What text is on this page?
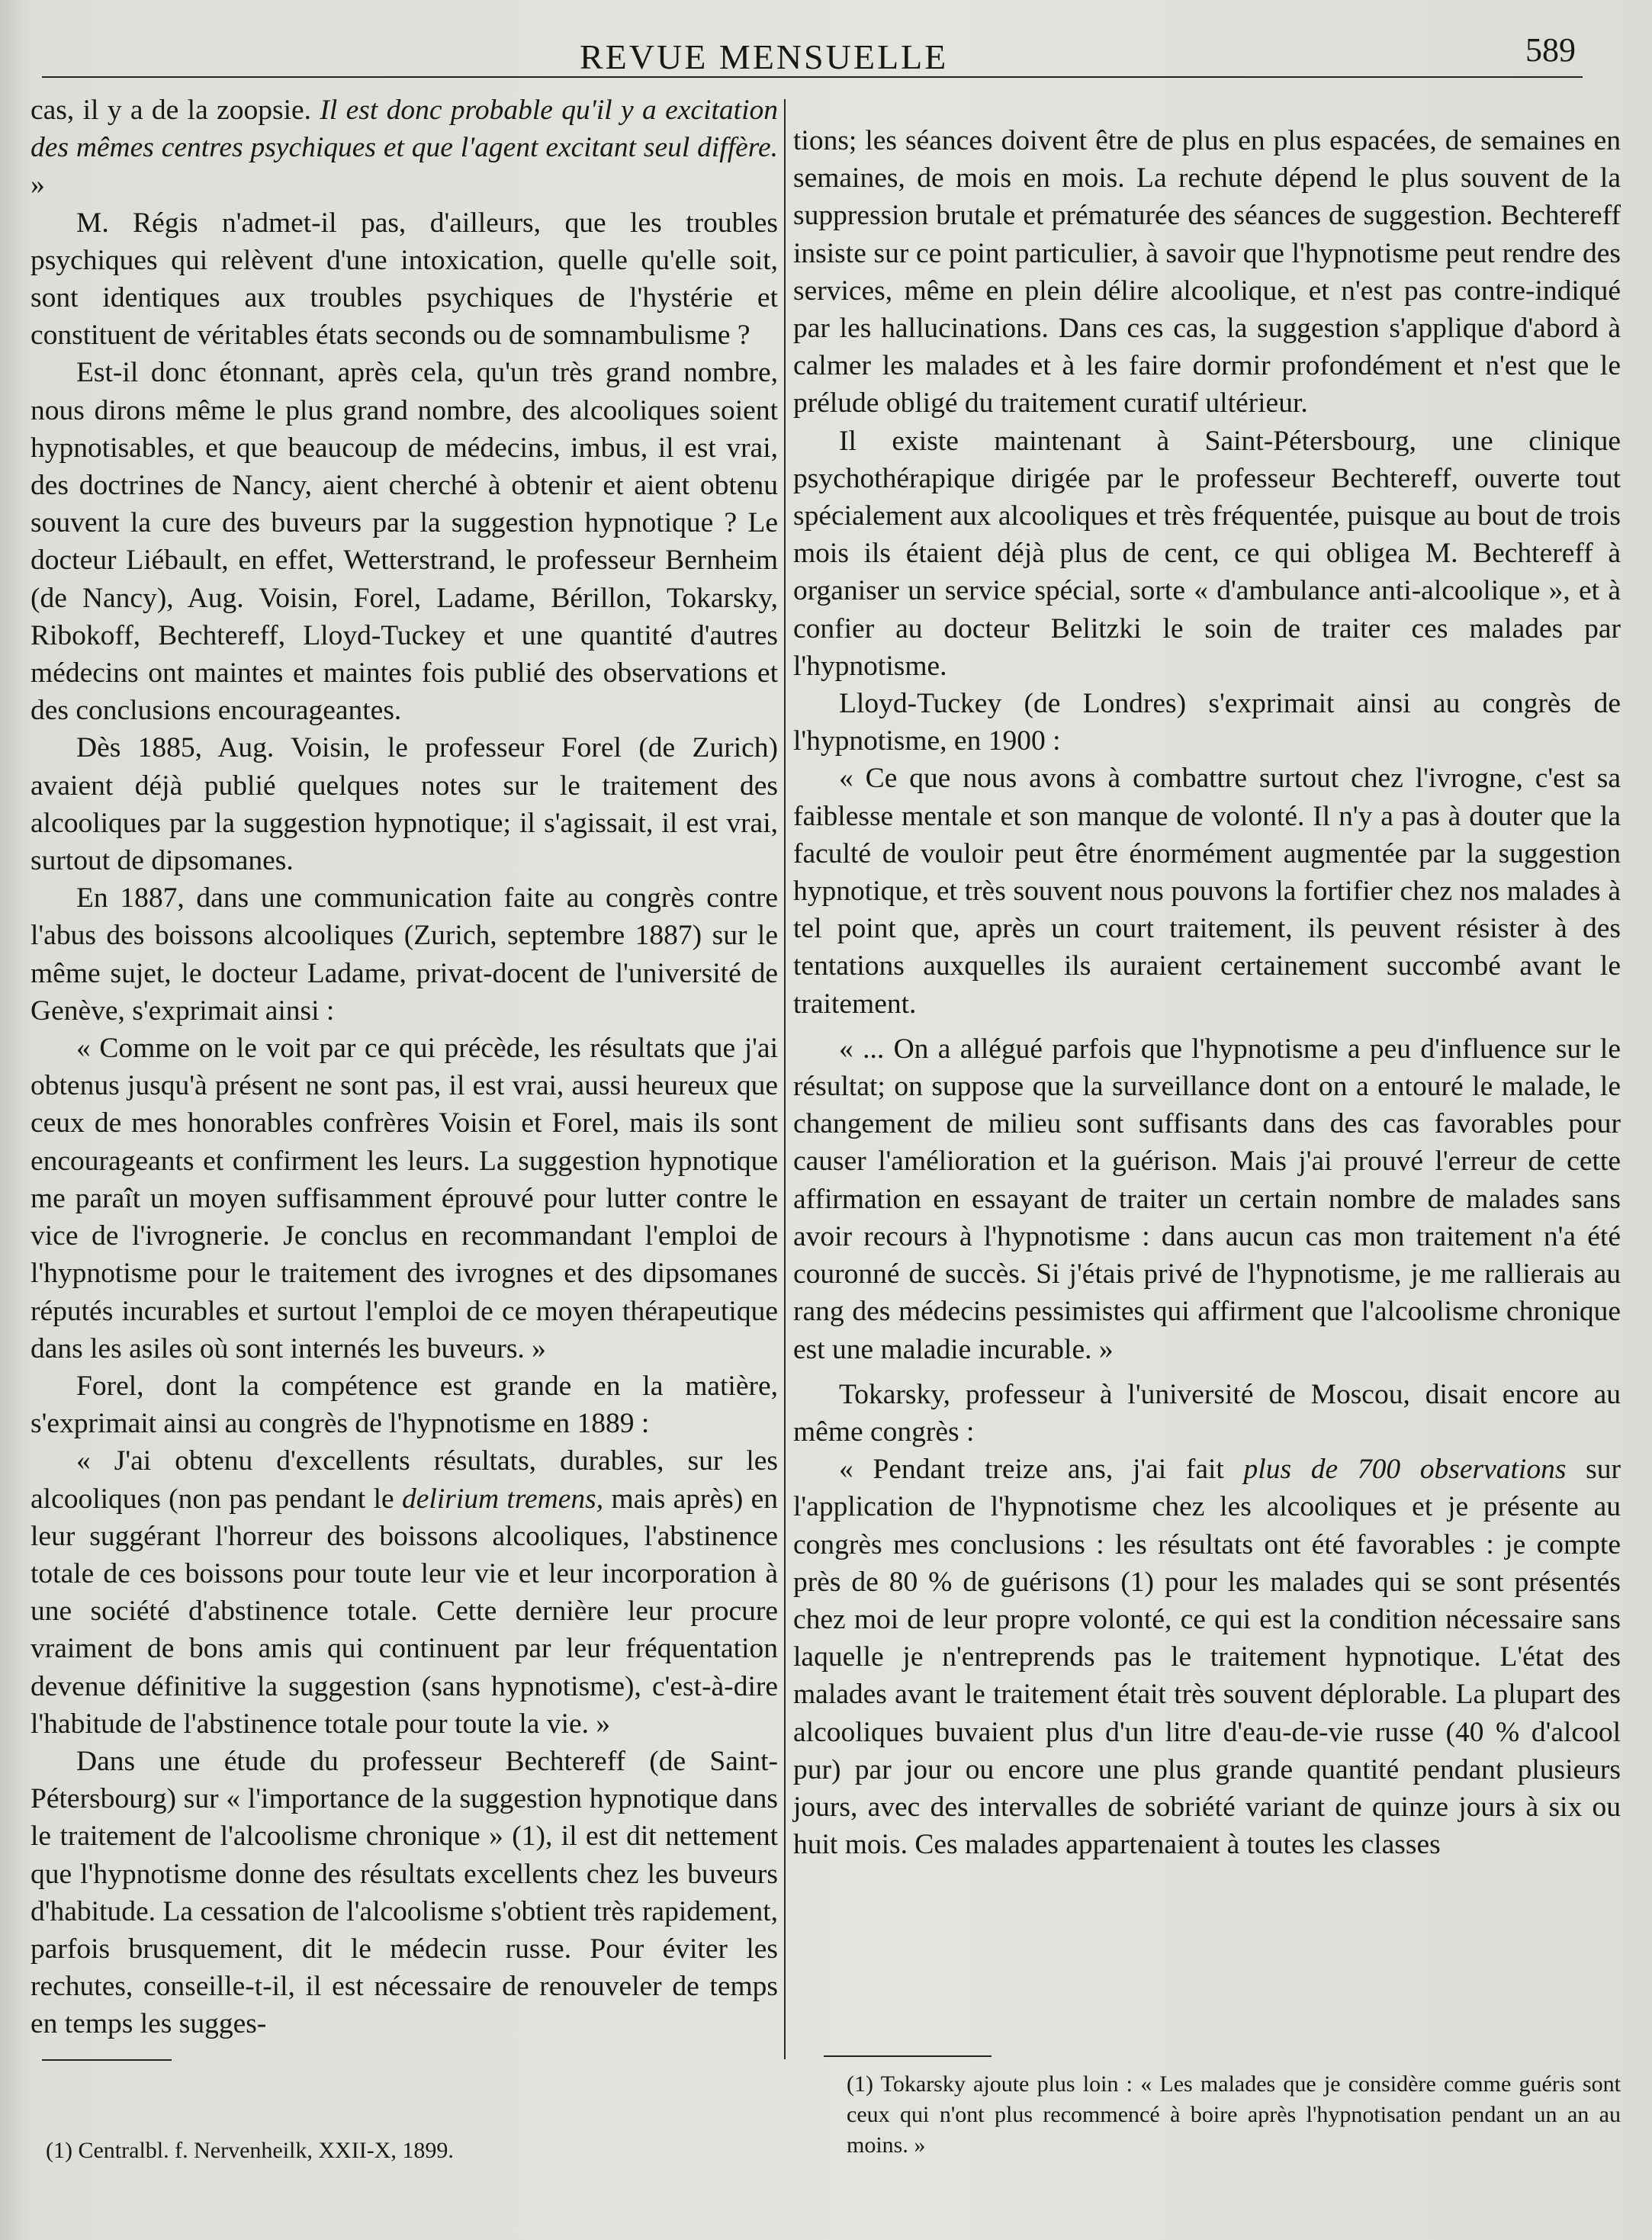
REVUE MENSUELLE	589

cas, il y a de la zoopsie. Il est donc probable qu'il y a excitation des mêmes centres psychiques et que l'agent excitant seul diffère. »

M. Régis n'admet-il pas, d'ailleurs, que les troubles psychiques qui relèvent d'une intoxication, quelle qu'elle soit, sont identiques aux troubles psychiques de l'hystérie et constituent de véritables états seconds ou de somnambulisme ?

Est-il donc étonnant, après cela, qu'un très grand nombre, nous dirons même le plus grand nombre, des alcooliques soient hypnotisables, et que beaucoup de médecins, imbus, il est vrai, des doctrines de Nancy, aient cherché à obtenir et aient obtenu souvent la cure des buveurs par la suggestion hypnotique ? Le docteur Liébault, en effet, Wetterstrand, le professeur Bernheim (de Nancy), Aug. Voisin, Forel, Ladame, Bérillon, Tokarsky, Ribokoff, Bechtereff, Lloyd-Tuckey et une quantité d'autres médecins ont maintes et maintes fois publié des observations et des conclusions encourageantes.

Dès 1885, Aug. Voisin, le professeur Forel (de Zurich) avaient déjà publié quelques notes sur le traitement des alcooliques par la suggestion hypnotique; il s'agissait, il est vrai, surtout de dipsomanes.

En 1887, dans une communication faite au congrès contre l'abus des boissons alcooliques (Zurich, septembre 1887) sur le même sujet, le docteur Ladame, privat-docent de l'université de Genève, s'exprimait ainsi :

« Comme on le voit par ce qui précède, les résultats que j'ai obtenus jusqu'à présent ne sont pas, il est vrai, aussi heureux que ceux de mes honorables confrères Voisin et Forel, mais ils sont encourageants et confirment les leurs. La suggestion hypnotique me paraît un moyen suffisamment éprouvé pour lutter contre le vice de l'ivrognerie. Je conclus en recommandant l'emploi de l'hypnotisme pour le traitement des ivrognes et des dipsomanes réputés incurables et surtout l'emploi de ce moyen thérapeutique dans les asiles où sont internés les buveurs. »

Forel, dont la compétence est grande en la matière, s'exprimait ainsi au congrès de l'hypnotisme en 1889 :

« J'ai obtenu d'excellents résultats, durables, sur les alcooliques (non pas pendant le delirium tremens, mais après) en leur suggérant l'horreur des boissons alcooliques, l'abstinence totale de ces boissons pour toute leur vie et leur incorporation à une société d'abstinence totale. Cette dernière leur procure vraiment de bons amis qui continuent par leur fréquentation devenue définitive la suggestion (sans hypnotisme), c'est-à-dire l'habitude de l'abstinence totale pour toute la vie. »

Dans une étude du professeur Bechtereff (de Saint-Pétersbourg) sur « l'importance de la suggestion hypnotique dans le traitement de l'alcoolisme chronique » (1), il est dit nettement que l'hypnotisme donne des résultats excellents chez les buveurs d'habitude. La cessation de l'alcoolisme s'obtient très rapidement, parfois brusquement, dit le médecin russe. Pour éviter les rechutes, conseille-t-il, il est nécessaire de renouveler de temps en temps les sugges-

tions; les séances doivent être de plus en plus espacées, de semaines en semaines, de mois en mois. La rechute dépend le plus souvent de la suppression brutale et prématurée des séances de suggestion. Bechtereff insiste sur ce point particulier, à savoir que l'hypnotisme peut rendre des services, même en plein délire alcoolique, et n'est pas contre-indiqué par les hallucinations. Dans ces cas, la suggestion s'applique d'abord à calmer les malades et à les faire dormir profondément et n'est que le prélude obligé du traitement curatif ultérieur.

Il existe maintenant à Saint-Pétersbourg, une clinique psychothérapique dirigée par le professeur Bechtereff, ouverte tout spécialement aux alcooliques et très fréquentée, puisque au bout de trois mois ils étaient déjà plus de cent, ce qui obligea M. Bechtereff à organiser un service spécial, sorte « d'ambulance anti-alcoolique », et à confier au docteur Belitzki le soin de traiter ces malades par l'hypnotisme.

Lloyd-Tuckey (de Londres) s'exprimait ainsi au congrès de l'hypnotisme, en 1900 :

« Ce que nous avons à combattre surtout chez l'ivrogne, c'est sa faiblesse mentale et son manque de volonté. Il n'y a pas à douter que la faculté de vouloir peut être énormément augmentée par la suggestion hypnotique, et très souvent nous pouvons la fortifier chez nos malades à tel point que, après un court traitement, ils peuvent résister à des tentations auxquelles ils auraient certainement succombé avant le traitement.

« ... On a allégué parfois que l'hypnotisme a peu d'influence sur le résultat; on suppose que la surveillance dont on a entouré le malade, le changement de milieu sont suffisants dans des cas favorables pour causer l'amélioration et la guérison. Mais j'ai prouvé l'erreur de cette affirmation en essayant de traiter un certain nombre de malades sans avoir recours à l'hypnotisme : dans aucun cas mon traitement n'a été couronné de succès. Si j'étais privé de l'hypnotisme, je me rallierais au rang des médecins pessimistes qui affirment que l'alcoolisme chronique est une maladie incurable. »

Tokarsky, professeur à l'université de Moscou, disait encore au même congrès :

« Pendant treize ans, j'ai fait plus de 700 observations sur l'application de l'hypnotisme chez les alcooliques et je présente au congrès mes conclusions : les résultats ont été favorables : je compte près de 80 % de guérisons (1) pour les malades qui se sont présentés chez moi de leur propre volonté, ce qui est la condition nécessaire sans laquelle je n'entreprends pas le traitement hypnotique. L'état des malades avant le traitement était très souvent déplorable. La plupart des alcooliques buvaient plus d'un litre d'eau-de-vie russe (40 % d'alcool pur) par jour ou encore une plus grande quantité pendant plusieurs jours, avec des intervalles de sobriété variant de quinze jours à six ou huit mois. Ces malades appartenaient à toutes les classes

(1) Centralbl. f. Nervenheilk, XXII-X, 1899.
(1) Tokarsky ajoute plus loin : « Les malades que je considère comme guéris sont ceux qui n'ont plus recommencé à boire après l'hypnotisation pendant un an au moins. »
